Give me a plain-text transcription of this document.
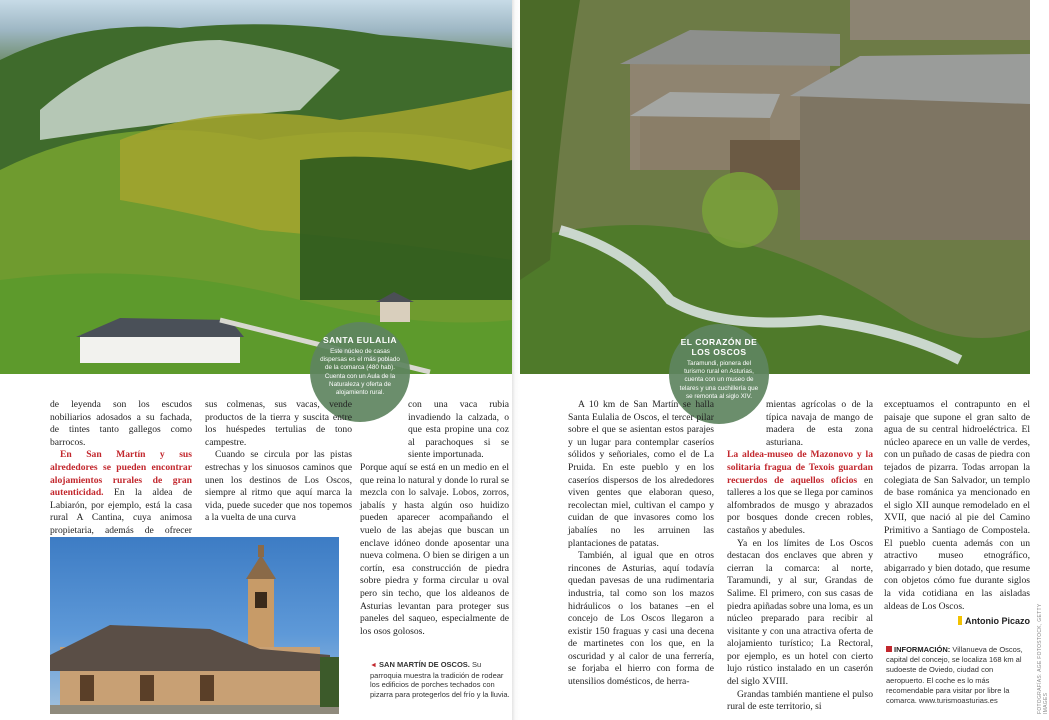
SANTA EULALIA
Este núcleo de casas dispersas es el más poblado de la comarca (480 hab). Cuenta con un Aula de la Naturaleza y oferta de alojamiento rural.

de leyenda son los escudos nobiliarios adosados a su fachada, de tintes tanto gallegos como barrocos.

En San Martín y sus alrededores se pueden encontrar alojamientos rurales de gran autenticidad. En la aldea de Labiarón, por ejemplo, está la casa rural A Cantina, cuya animosa propietaria, además de ofrecer

sus colmenas, sus vacas, vende productos de la tierra y suscita entre los huéspedes tertulias de tono campestre.

Cuando se circula por las pistas estrechas y los sinuosos caminos que unen los destinos de Los Oscos, siempre al ritmo que aquí marca la vida, puede suceder que nos topemos a la vuelta de una curva

con una vaca rubia invadiendo la calzada, o que esta propine una coz al parachoques si se siente importunada.
Porque aquí se está en un medio en el que reina lo natural y donde lo rural se mezcla con lo salvaje. Lobos, zorros, jabalís y hasta algún oso huidizo pueden aparecer acompañando el vuelo de las abejas que buscan un enclave idóneo donde aposentar una nueva colmena. O bien se dirigen a un cortín, esa construcción de piedra sobre piedra y forma circular u oval pero sin techo, que los aldeanos de Asturias levantan para proteger sus paneles del saqueo, especialmente de los osos golosos.

◄ SAN MARTÍN DE OSCOS. Su parroquia muestra la tradición de rodear los edificios de porches techados con pizarra para protegerlos del frío y la lluvia.
EL CORAZÓN DE LOS OSCOS
Taramundi, pionera del turismo rural en Asturias, cuenta con un museo de telares y una cuchillería que se remonta al siglo XIV.

A 10 km de San Martín se halla Santa Eulalia de Oscos, el tercer pilar sobre el que se asientan estos parajes y un lugar para contemplar caseríos sólidos y señoriales, como el de La Pruida. En este pueblo y en los caseríos dispersos de los alrededores viven gentes que elaboran queso, recolectan miel, cultivan el campo y cuidan de que invasores como los jabalíes no les arruinen las plantaciones de patatas.

También, al igual que en otros rincones de Asturias, aquí todavía quedan pavesas de una rudimentaria industria, tal como son los mazos hidráulicos o los batanes –en el concejo de Los Oscos llegaron a existir 150 fraguas y casi una decena de martinetes con los que, en la oscuridad y al calor de una ferrería, se forjaba el hierro con forma de utensilios domésticos, de herra-

mientas agrícolas o de la típica navaja de mango de madera de esta zona asturiana.
La aldea-museo de Mazonovo y la solitaria fragua de Texois guardan recuerdos de aquellos oficios en talleres a los que se llega por caminos alfombrados de musgo y abrazados por bosques donde crecen robles, castaños y abedules.

Ya en los límites de Los Oscos destacan dos enclaves que abren y cierran la comarca: al norte, Taramundi, y al sur, Grandas de Salime. El primero, con sus casas de piedra apiñadas sobre una loma, es un núcleo preparado para recibir al visitante y con una atractiva oferta de alojamiento turístico; La Rectoral, por ejemplo, es un hotel con cierto lujo rústico instalado en un caserón del siglo XVIII.

Grandas también mantiene el pulso rural de este territorio, si

exceptuamos el contrapunto en el paisaje que supone el gran salto de agua de su central hidroeléctrica. El núcleo aparece en un valle de verdes, con un puñado de casas de piedra con tejados de pizarra. Todas arropan la colegiata de San Salvador, un templo de base románica ya mencionado en el siglo XII aunque remodelado en el XVII, que nació al pie del Camino Primitivo a Santiago de Compostela. El pueblo cuenta además con un atractivo museo etnográfico, abigarrado y bien dotado, que resume con objetos cómo fue durante siglos la vida cotidiana en las aisladas aldeas de Los Oscos.

Antonio Picazo
INFORMACIÓN: Villanueva de Oscos, capital del concejo, se localiza 168 km al sudoeste de Oviedo, ciudad con aeropuerto. El coche es lo más recomendable para visitar por libre la comarca. www.turismoasturias.es	FOTOGRAFÍAS: AGE FOTOSTOCK, GETTY IMAGES
